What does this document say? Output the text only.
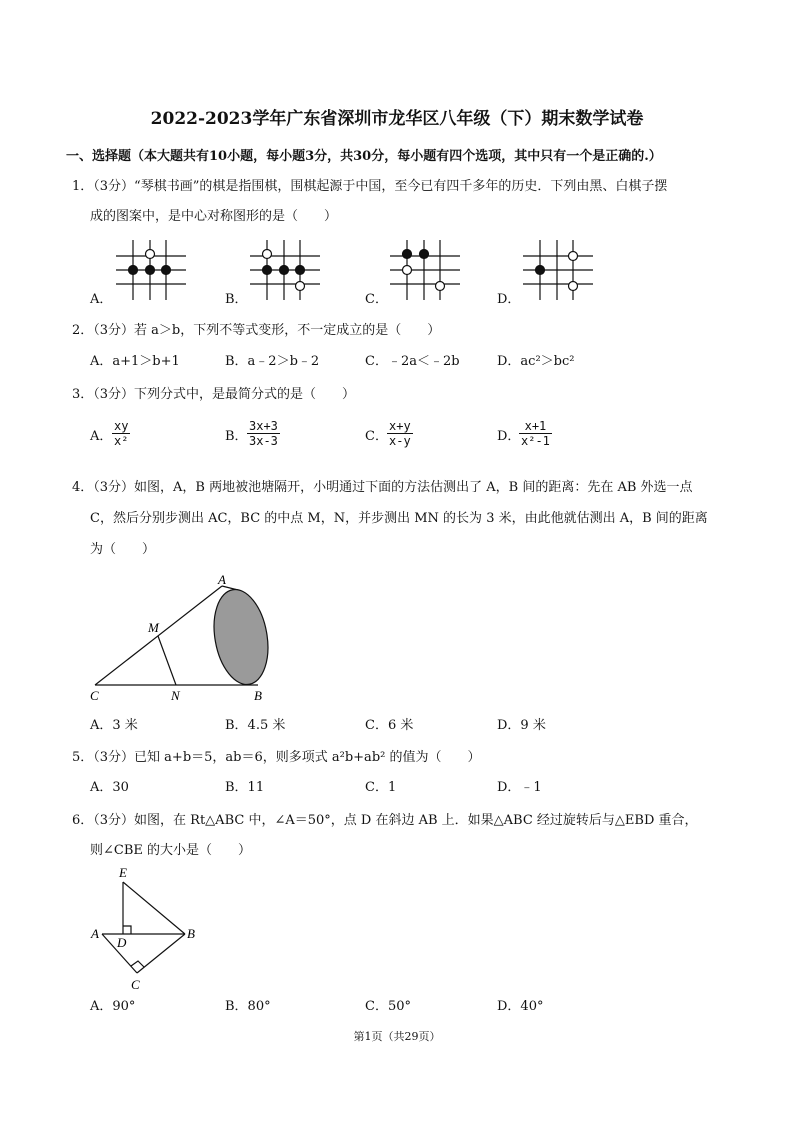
2022-2023学年广东省深圳市龙华区八年级（下）期末数学试卷
一、选择题（本大题共有10小题，每小题3分，共30分，每小题有四个选项，其中只有一个是正确的.）
1．（3分）“琴棋书画”的棋是指围棋，围棋起源于中国，至今已有四千多年的历史．下列由黑、白棋子摆
成的图案中，是中心对称图形的是（　　）
A．	B．	C．	D．
2．（3分）若 a＞b，下列不等式变形，不一定成立的是（　　）
A．a+1＞b+1	B．a﹣2＞b﹣2	C．﹣2a＜﹣2b	D．ac²＞bc²
3．（3分）下列分式中，是最简分式的是（　　）
A． $\frac{xy}{\text{x²}}$	B． $\frac{3x+3}{3x-3}$	C． $\frac{x+y}{x-y}$	D．
$\frac{x+1}{\text{x²-1}}$
4．（3分）如图，A，B 两地被池塘隔开，小明通过下面的方法估测出了 A，B 间的距离：先在 AB 外选一点
C，然后分别步测出 AC，BC 的中点 M，N，并步测出 MN 的长为 3 米，由此他就估测出 A，B 间的距离
为（　　）
A
M
C	N	B
A．3 米	B．4.5 米	C．6 米	D．9 米
5．（3分）已知 a+b＝5，ab＝6，则多项式 a²b+ab² 的值为（　　）
A．30	B．11	C．1	D．﹣1
6．（3分）如图，在 Rt△ABC 中，∠A＝50°，点 D 在斜边 AB 上．如果△ABC 经过旋转后与△EBD 重合，
则∠CBE 的大小是（　　）
E
A
D
B
C
A．90°	B．80°	C．50°	D．40°
第1页（共29页）
